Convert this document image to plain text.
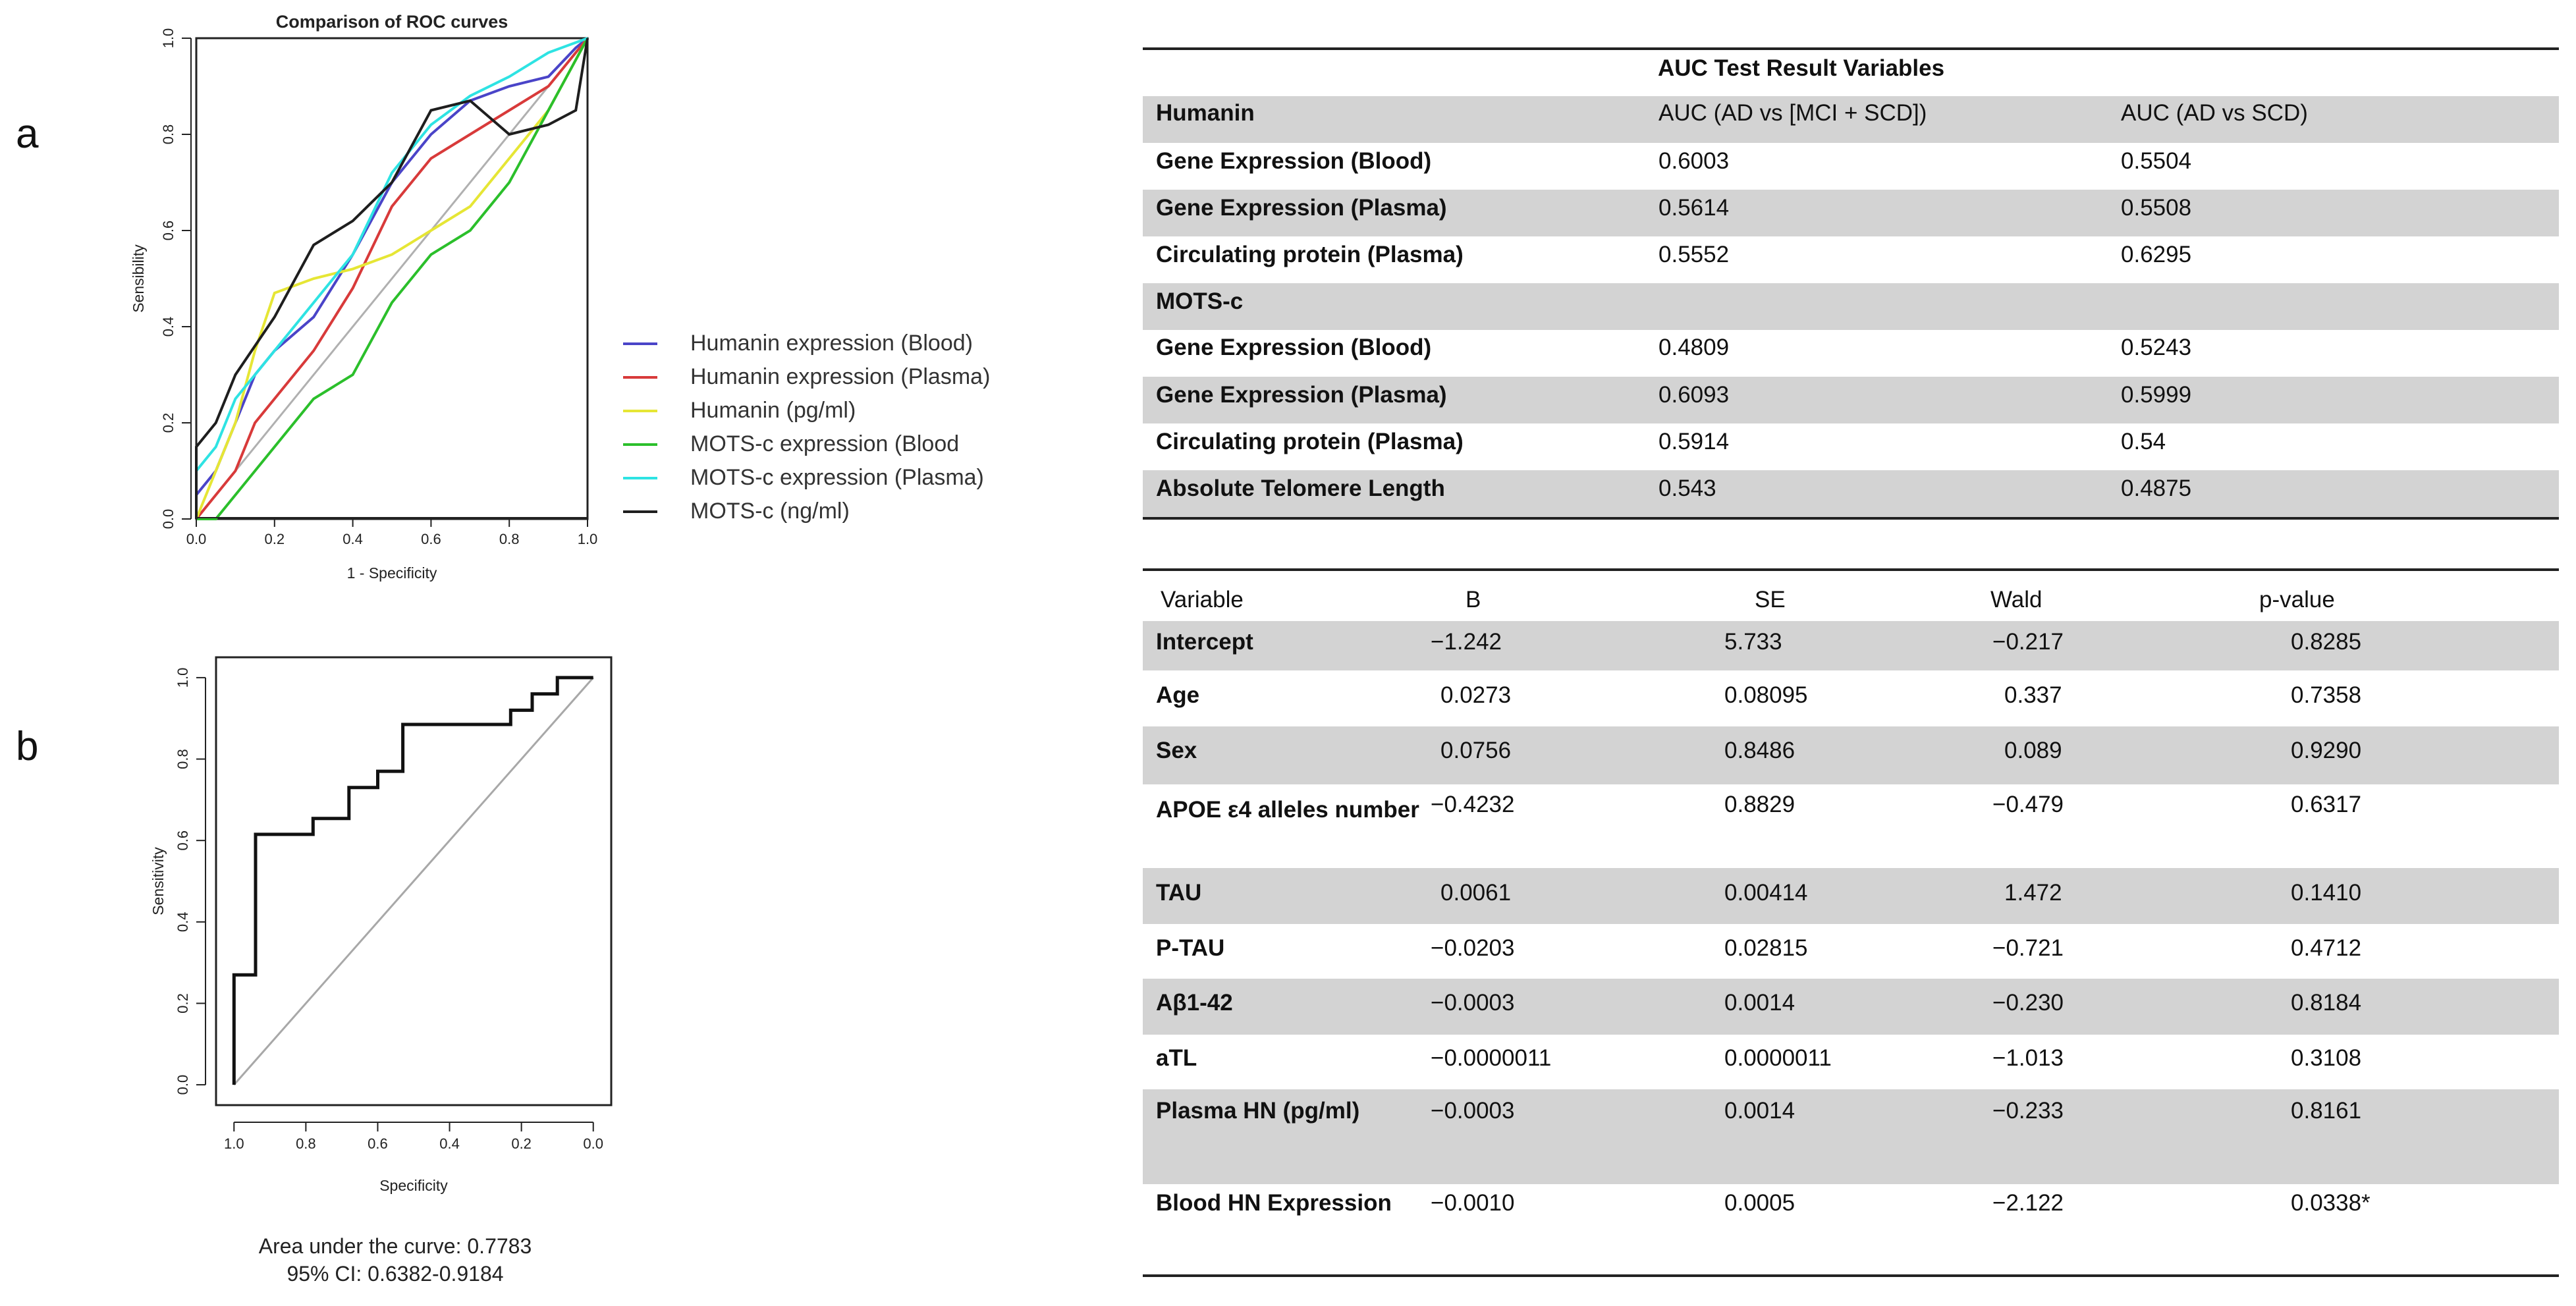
a
b
0.0	0.2	0.4	0.6	0.8	1.0
0.0
0.2
0.4
0.6
0.8
1.0
Comparison of ROC curves
1 - Specificity
Sensibility
Humanin expression (Blood)
Humanin expression (Plasma)
Humanin (pg/ml)
MOTS-c expression (Blood
MOTS-c expression (Plasma)
MOTS-c (ng/ml)
1.0	0.8	0.6	0.4	0.2	0.0
0.0
0.2
0.4
0.6
0.8
1.0
Specificity
Sensitivity
Area under the curve: 0.7783
95% CI: 0.6382-0.9184
AUC Test Result Variables
Humanin	AUC (AD vs [MCI + SCD])	AUC (AD vs SCD)
Gene Expression (Blood)	0.6003	0.5504
Gene Expression (Plasma)	0.5614	0.5508
Circulating protein (Plasma)	0.5552	0.6295
MOTS-c
Gene Expression (Blood)	0.4809	0.5243
Gene Expression (Plasma)	0.6093	0.5999
Circulating protein (Plasma)	0.5914	0.54
Absolute Telomere Length	0.543	0.4875
Variable	B	SE	Wald	p-value
Intercept	−1.242	5.733	−0.217	0.8285
Age	0.0273	0.08095	0.337	0.7358
Sex	0.0756	0.8486	0.089	0.9290
APOE ε4 alleles number −0.4232	0.8829	−0.479	0.6317
TAU	0.0061	0.00414	1.472	0.1410
P-TAU	−0.0203	0.02815	−0.721	0.4712
Aβ1-42	−0.0003	0.0014	−0.230	0.8184
aTL	−0.0000011	0.0000011	−1.013	0.3108
Plasma HN (pg/ml)	−0.0003	0.0014	−0.233	0.8161
Blood HN Expression −0.0010	0.0005	−2.122	0.0338*
